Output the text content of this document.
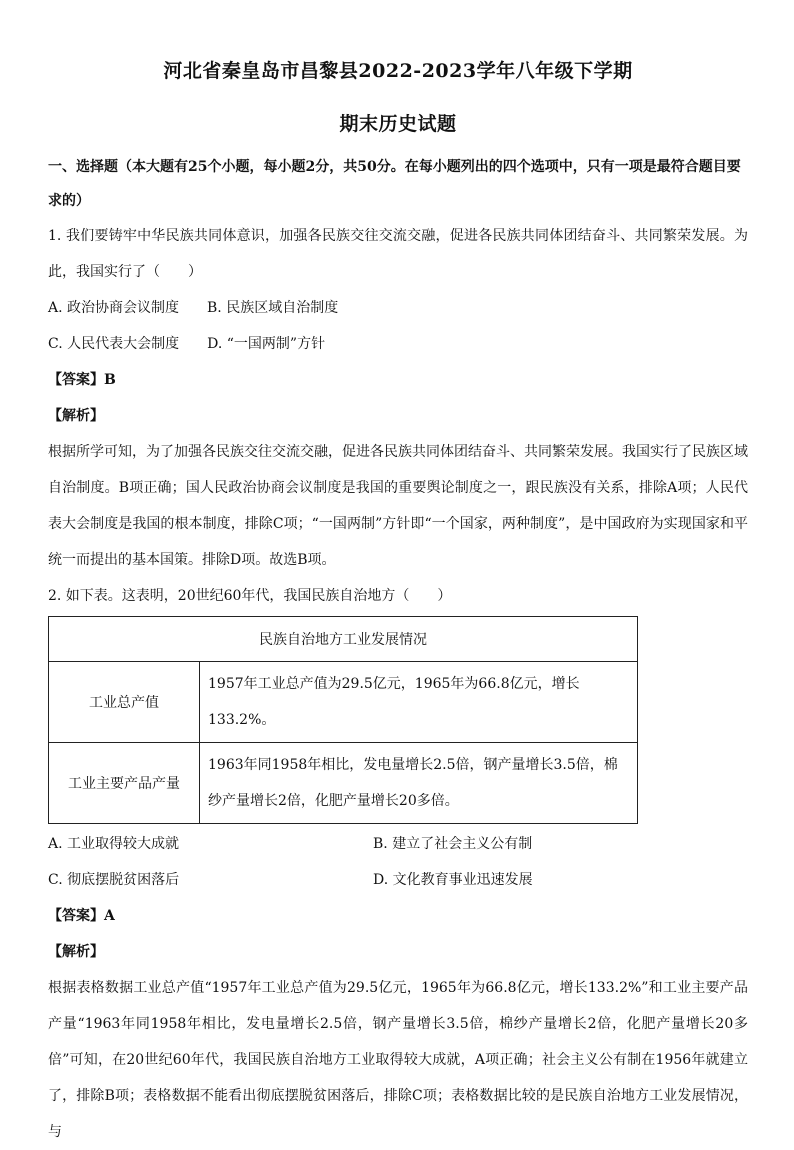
河北省秦皇岛市昌黎县2022-2023学年八年级下学期
期末历史试题
一、选择题（本大题有25个小题，每小题2分，共50分。在每小题列出的四个选项中，只有一项是最符合题目要求的）

1. 我们要铸牢中华民族共同体意识，加强各民族交往交流交融，促进各民族共同体团结奋斗、共同繁荣发展。为此，我国实行了（　　）

A. 政治协商会议制度 B. 民族区域自治制度
C. 人民代表大会制度 D. “一国两制”方针
【答案】B
【解析】

根据所学可知，为了加强各民族交往交流交融，促进各民族共同体团结奋斗、共同繁荣发展。我国实行了民族区域自治制度。B项正确；国人民政治协商会议制度是我国的重要舆论制度之一，跟民族没有关系，排除A项；人民代表大会制度是我国的根本制度，排除C项；“一国两制”方针即“一个国家，两种制度”，是中国政府为实现国家和平统一而提出的基本国策。排除D项。故选B项。

2. 如下表。这表明，20世纪60年代，我国民族自治地方（　　）

民族自治地方工业发展情况	
工业总产值	1957年工业总产值为29.5亿元，1965年为66.8亿元，增长133.2%。
工业主要产品产量	1963年同1958年相比，发电量增长2.5倍，钢产量增长3.5倍，棉纱产量增长2倍，化肥产量增长20多倍。
A. 工业取得较大成就	B. 建立了社会主义公有制
C. 彻底摆脱贫困落后	D. 文化教育事业迅速发展
【答案】A
【解析】

根据表格数据工业总产值“1957年工业总产值为29.5亿元，1965年为66.8亿元，增长133.2%”和工业主要产品产量“1963年同1958年相比，发电量增长2.5倍，钢产量增长3.5倍，棉纱产量增长2倍，化肥产量增长20多倍”可知，在20世纪60年代，我国民族自治地方工业取得较大成就，A项正确；社会主义公有制在1956年就建立了，排除B项；表格数据不能看出彻底摆脱贫困落后，排除C项；表格数据比较的是民族自治地方工业发展情况，与
